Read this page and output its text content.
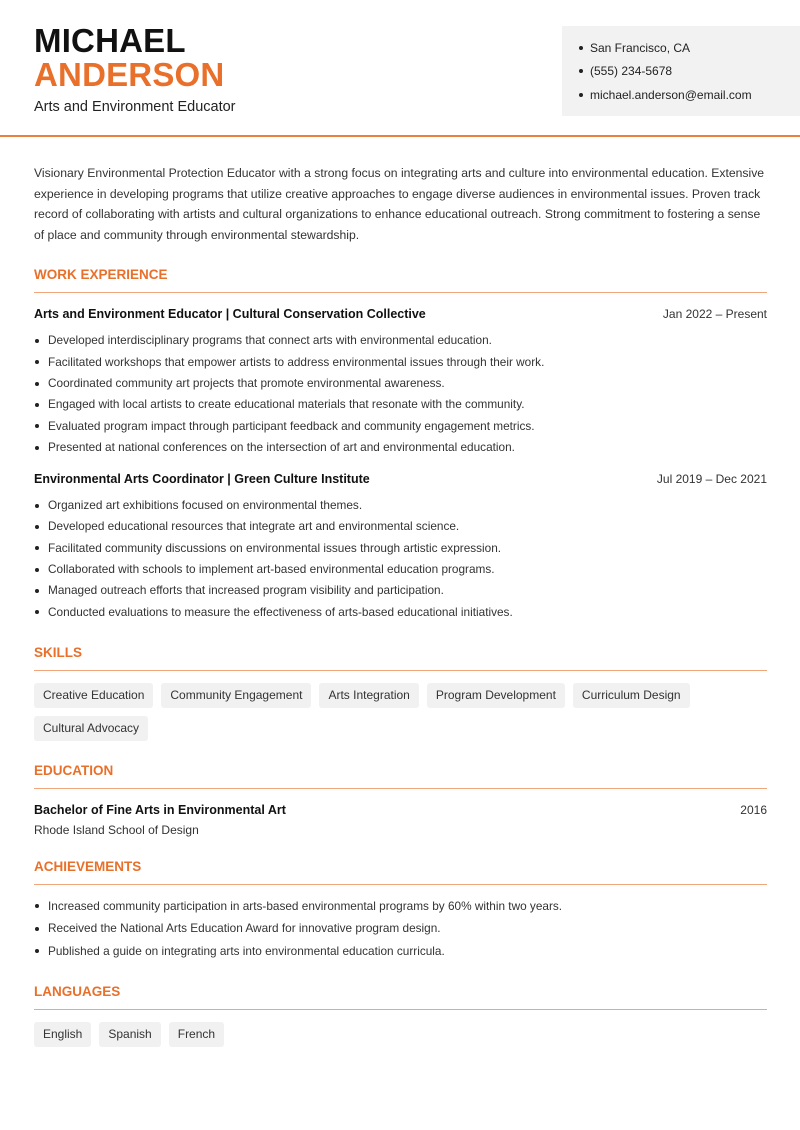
MICHAEL
ANDERSON
Arts and Environment Educator
San Francisco, CA
(555) 234-5678
michael.anderson@email.com

Visionary Environmental Protection Educator with a strong focus on integrating arts and culture into environmental education. Extensive experience in developing programs that utilize creative approaches to engage diverse audiences in environmental issues. Proven track record of collaborating with artists and cultural organizations to enhance educational outreach. Strong commitment to fostering a sense of place and community through environmental stewardship.

WORK EXPERIENCE
Arts and Environment Educator | Cultural Conservation Collective	Jan 2022 – Present
Developed interdisciplinary programs that connect arts with environmental education.
Facilitated workshops that empower artists to address environmental issues through their work.
Coordinated community art projects that promote environmental awareness.
Engaged with local artists to create educational materials that resonate with the community.
Evaluated program impact through participant feedback and community engagement metrics.
Presented at national conferences on the intersection of art and environmental education.
Environmental Arts Coordinator | Green Culture Institute	Jul 2019 – Dec 2021
Organized art exhibitions focused on environmental themes.
Developed educational resources that integrate art and environmental science.
Facilitated community discussions on environmental issues through artistic expression.
Collaborated with schools to implement art-based environmental education programs.
Managed outreach efforts that increased program visibility and participation.
Conducted evaluations to measure the effectiveness of arts-based educational initiatives.
SKILLS
Creative Education	Community Engagement	Arts Integration	Program Development	Curriculum Design
Cultural Advocacy
EDUCATION
Bachelor of Fine Arts in Environmental Art	2016
Rhode Island School of Design
ACHIEVEMENTS
Increased community participation in arts-based environmental programs by 60% within two years.
Received the National Arts Education Award for innovative program design.
Published a guide on integrating arts into environmental education curricula.
LANGUAGES
English	Spanish	French
